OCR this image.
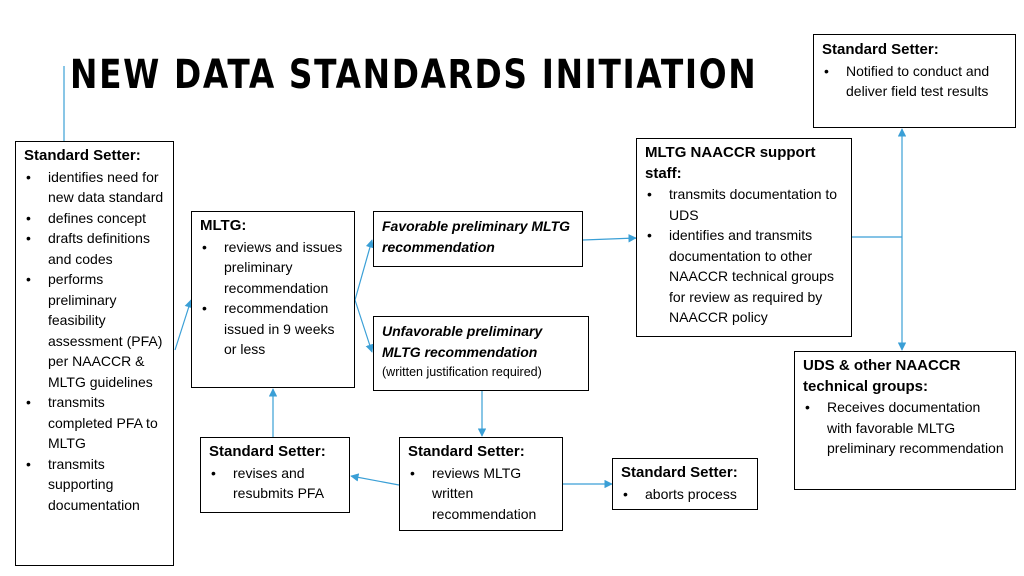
NEW DATA STANDARDS INITIATION
Standard Setter:
• Notified to conduct and deliver field test results
Standard Setter:
• identifies need for new data standard
• defines concept
• drafts definitions and codes
• performs preliminary feasibility assessment (PFA) per NAACCR & MLTG guidelines
• transmits completed PFA to MLTG
• transmits supporting documentation
MLTG:
• reviews and issues preliminary recommendation
• recommendation issued in 9 weeks or less
Favorable preliminary MLTG recommendation
Unfavorable preliminary MLTG recommendation
(written justification required)
MLTG NAACCR support staff:
• transmits documentation to UDS
• identifies and transmits documentation to other NAACCR technical groups for review as required by NAACCR policy
UDS & other NAACCR technical groups:
• Receives documentation with favorable MLTG preliminary recommendation
Standard Setter:
• revises and resubmits PFA
Standard Setter:
• reviews MLTG written recommendation
Standard Setter:
• aborts process
